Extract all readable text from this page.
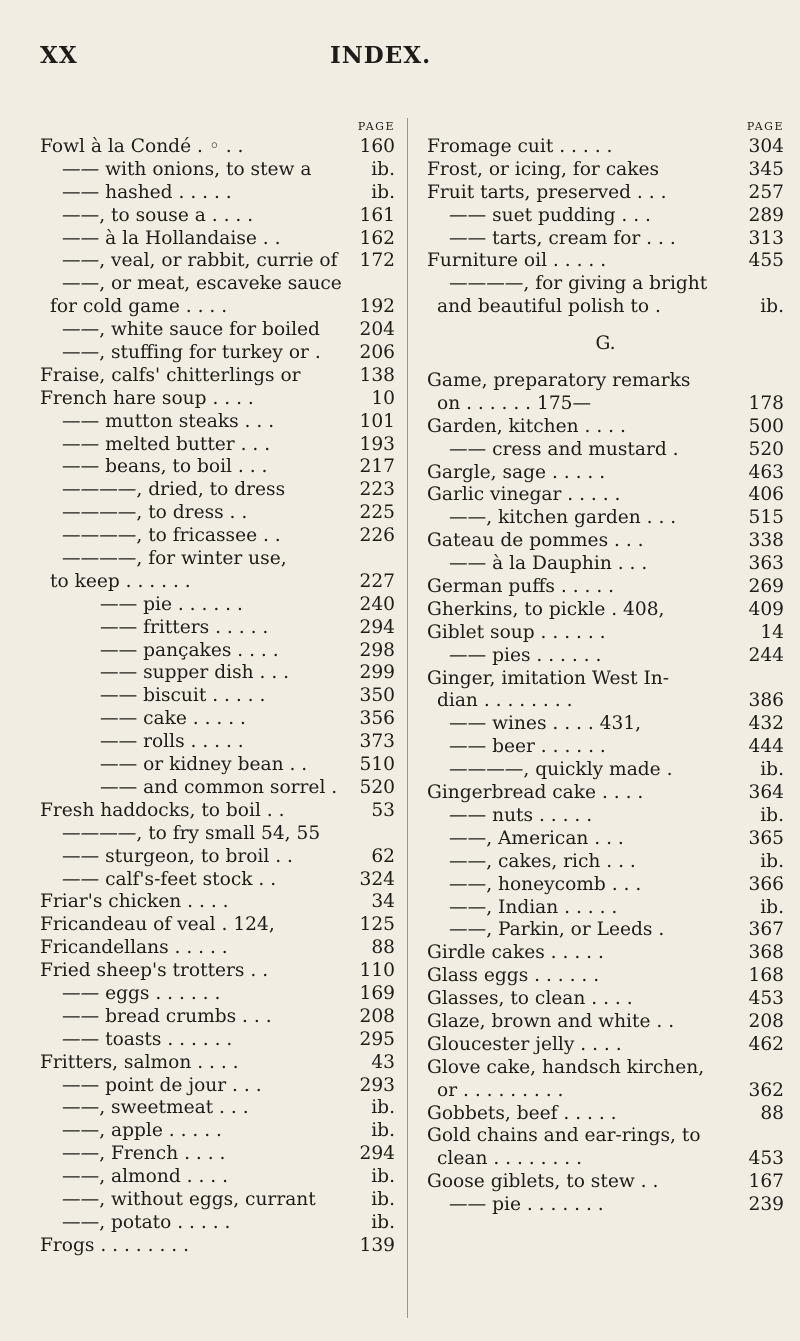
XX	INDEX.
PAGE
Fowl à la Condé . ◦ . .	160
—— with onions, to stew a	ib.
—— hashed . . . . .	ib.
——, to souse a . . . .	161
—— à la Hollandaise . .	162
——, veal, or rabbit, currie of 172
——, or meat, escaveke sauce
for cold game . . . .	192
——, white sauce for boiled 204
——, stuffing for turkey or . 206
Fraise, calfs' chitterlings or	138
French hare soup . . . .	10
—— mutton steaks . . .	101
—— melted butter . . .	193
—— beans, to boil . . .	217
————, dried, to dress	223
————, to dress . .	225
————, to fricassee . .	226
————, for winter use,
to keep . . . . . .	227
—— pie . . . . . .	240
—— fritters . . . . .	294
—— pançakes . . . .	298
—— supper dish . . .	299
—— biscuit . . . . .	350
—— cake . . . . .	356
—— rolls . . . . .	373
—— or kidney bean . .	510
—— and common sorrel . 520
Fresh haddocks, to boil . .	53
————, to fry small 54, 55
—— sturgeon, to broil . .	62
—— calf's-feet stock . .	324
Friar's chicken . . . .	34
Fricandeau of veal . 124,	125
Fricandellans . . . . .	88
Fried sheep's trotters . .	110
—— eggs . . . . . .	169
—— bread crumbs . . .	208
—— toasts . . . . . .	295
Fritters, salmon . . . .	43
—— point de jour . . .	293
——, sweetmeat . . .	ib.
——, apple . . . . .	ib.
——, French . . . .	294
——, almond . . . .	ib.
——, without eggs, currant	ib.
——, potato . . . . .	ib.
Frogs . . . . . . . .	139
PAGE
Fromage cuit . . . . .	304
Frost, or icing, for cakes	345
Fruit tarts, preserved . . .	257
—— suet pudding . . .	289
—— tarts, cream for . . .	313
Furniture oil . . . . .	455
————, for giving a bright
and beautiful polish to .	ib.
G.
Game, preparatory remarks
on . . . . . . 175—	178
Garden, kitchen . . . .	500
—— cress and mustard .	520
Gargle, sage . . . . .	463
Garlic vinegar . . . . .	406
——, kitchen garden . . .	515
Gateau de pommes . . .	338
—— à la Dauphin . . .	363
German puffs . . . . .	269
Gherkins, to pickle . 408,	409
Giblet soup . . . . . .	14
—— pies . . . . . .	244
Ginger, imitation West In-
dian . . . . . . . .	386
—— wines . . . . 431,	432
—— beer . . . . . .	444
————, quickly made .	ib.
Gingerbread cake . . . .	364
—— nuts . . . . .	ib.
——, American . . .	365
——, cakes, rich . . .	ib.
——, honeycomb . . .	366
——, Indian . . . . .	ib.
——, Parkin, or Leeds .	367
Girdle cakes . . . . .	368
Glass eggs . . . . . .	168
Glasses, to clean . . . .	453
Glaze, brown and white . .	208
Gloucester jelly . . . .	462
Glove cake, handsch kirchen,
or . . . . . . . . .	362
Gobbets, beef . . . . .	88
Gold chains and ear-rings, to
clean . . . . . . . .	453
Goose giblets, to stew . .	167
—— pie . . . . . . .	239
